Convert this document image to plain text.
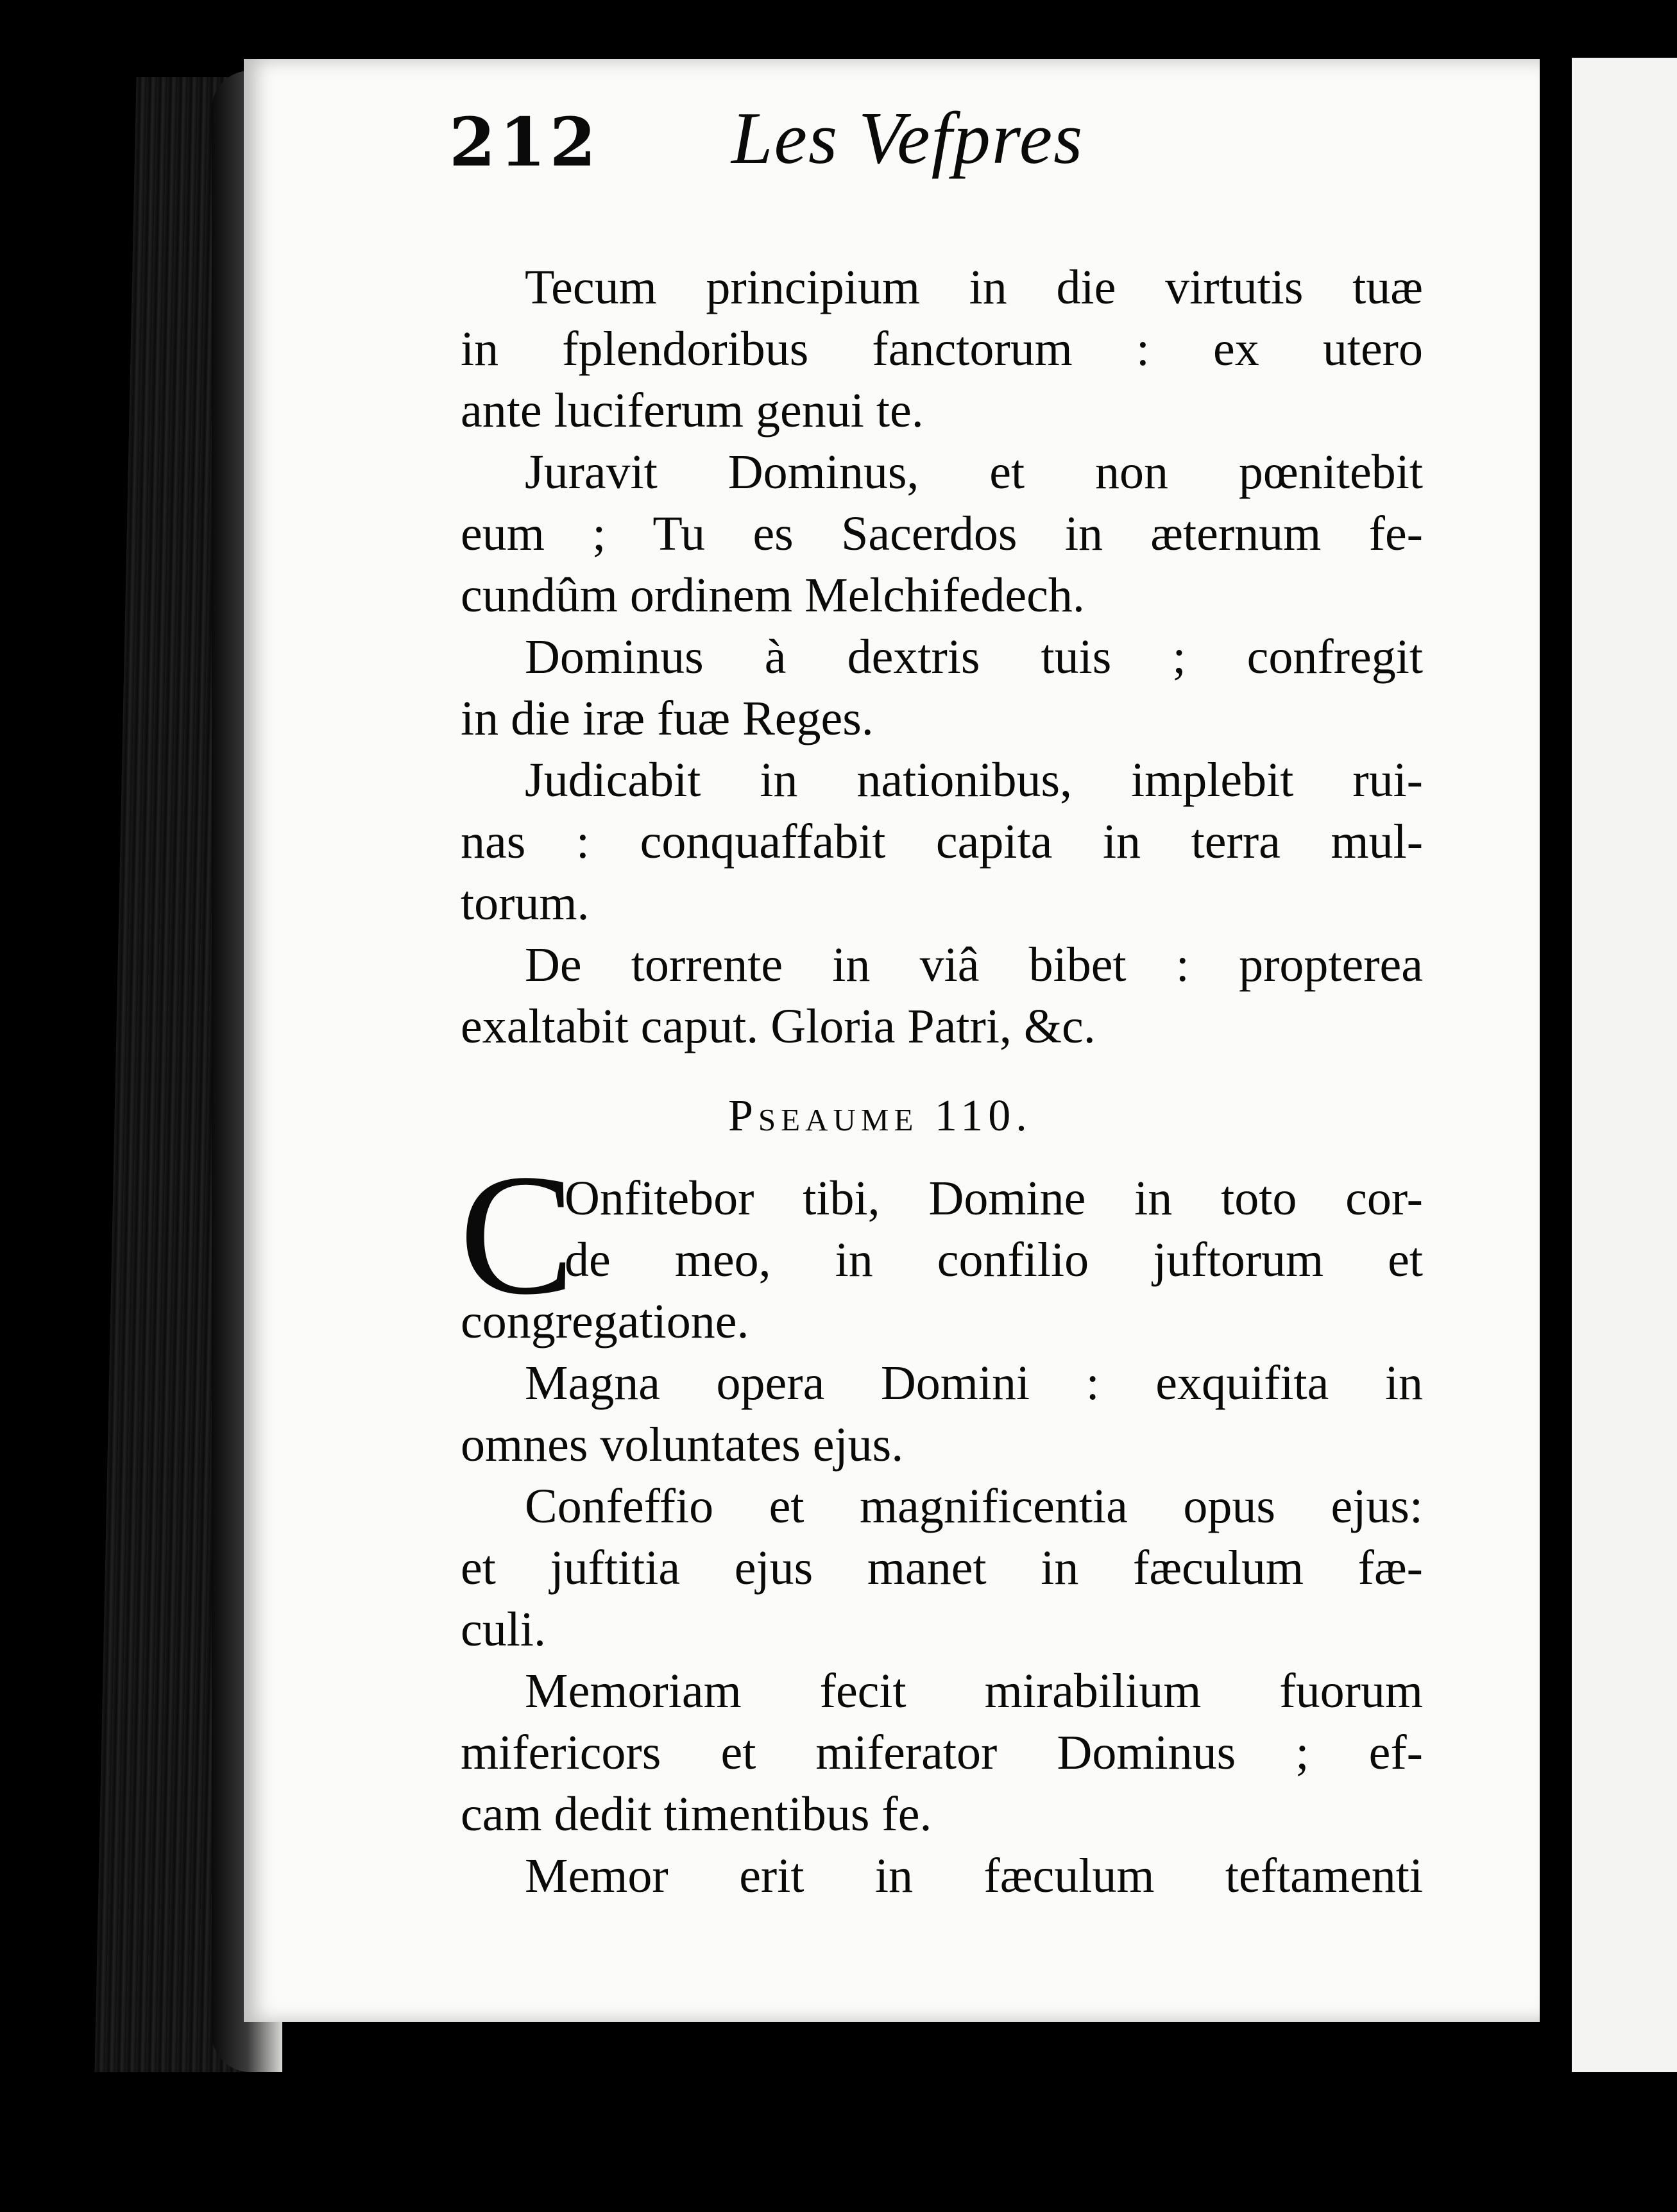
212 Les Vefpres
Tecum principium in die virtutis tuæ
in fplendoribus fanctorum : ex utero
ante luciferum genui te.
Juravit Dominus, et non pœnitebit
eum ; Tu es Sacerdos in æternum fe-
cundûm ordinem Melchifedech.
Dominus à dextris tuis ; confregit
in die iræ fuæ Reges.
Judicabit in nationibus, implebit rui-
nas : conquaffabit capita in terra mul-
torum.
De torrente in viâ bibet : propterea
exaltabit caput. Gloria Patri, &c.
Pseaume 110.
C
Onfitebor tibi, Domine in toto cor-
de meo, in confilio juftorum et
congregatione.
Magna opera Domini : exquifita in
omnes voluntates ejus.
Confeffio et magnificentia opus ejus:
et juftitia ejus manet in fæculum fæ-
culi.
Memoriam fecit mirabilium fuorum
mifericors et miferator Dominus ; ef-
cam dedit timentibus fe.
Memor erit in fæculum teftamenti
